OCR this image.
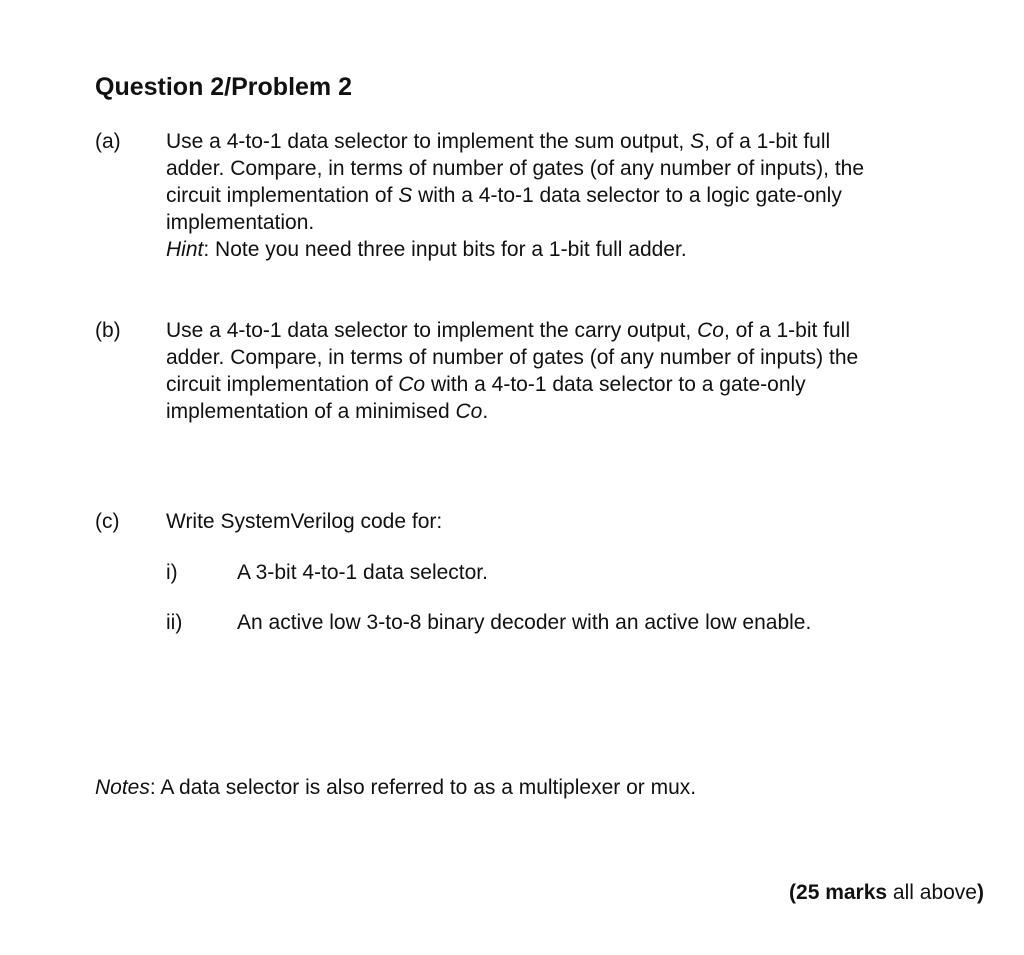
Question 2/Problem 2
(a) Use a 4-to-1 data selector to implement the sum output, S, of a 1-bit full

adder. Compare, in terms of number of gates (of any number of inputs), the

circuit implementation of S with a 4-to-1 data selector to a logic gate-only

implementation.

Hint: Note you need three input bits for a 1-bit full adder.

(b) Use a 4-to-1 data selector to implement the carry output, Co, of a 1-bit full

adder. Compare, in terms of number of gates (of any number of inputs) the

circuit implementation of Co with a 4-to-1 data selector to a gate-only

implementation of a minimised Co.

(c) Write SystemVerilog code for:
i)	A 3-bit 4-to-1 data selector.
ii)	An active low 3-to-8 binary decoder with an active low enable.
Notes: A data selector is also referred to as a multiplexer or mux.
(25 marks all above)
